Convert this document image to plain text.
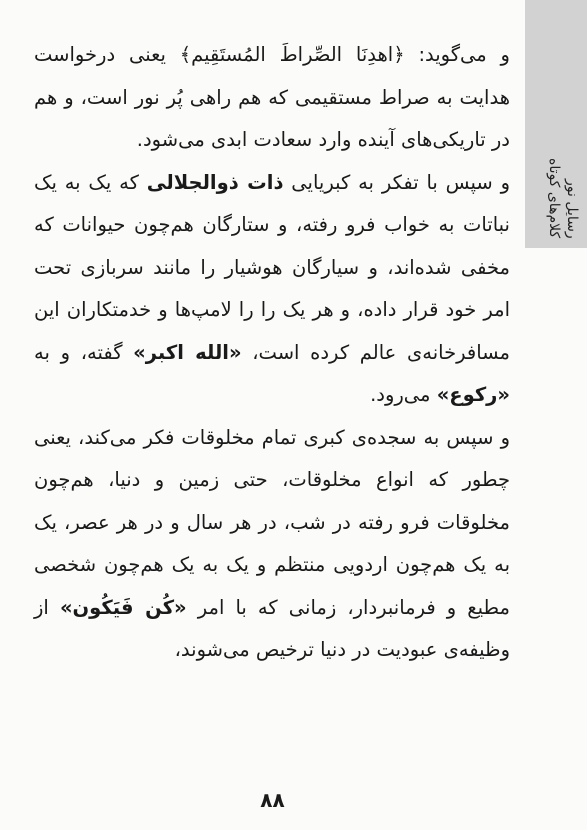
رسایل نور
کلام‌های کوتاه

و می‌گوید: ﴿اهدِنَا الصِّراطَ المُستَقِیم﴾ یعنی درخواست هدایت به صراط مستقیمی که هم راهی پُر نور است، و هم در تاریکی‌های آینده وارد سعادت ابدی می‌شود.

و سپس با تفکر به کبریایی ذات ذوالجلالی که یک به یک نباتات به خواب فرو رفته، و ستارگان هم‌چون حیوانات که مخفی شده‌اند، و سیارگان هوشیار را مانند سربازی تحت امر خود قرار داده، و هر یک را را لامپ‌ها و خدمتکاران این مسافرخانه‌ی عالم کرده است، «الله اکبر» گفته، و به «رکوع» می‌رود.

و سپس به سجده‌ی کبری تمام مخلوقات فکر می‌کند، یعنی چطور که انواع مخلوقات، حتی زمین و دنیا، هم‌چون مخلوقات فرو رفته در شب، در هر سال و در هر عصر، یک به یک هم‌چون اردویی منتظم و یک به یک هم‌چون شخصی مطیع و فرمانبردار، زمانی که با امر «کُن فَیَکُون» از وظیفه‌ی عبودیت در دنیا ترخیص می‌شوند،

۸۸
